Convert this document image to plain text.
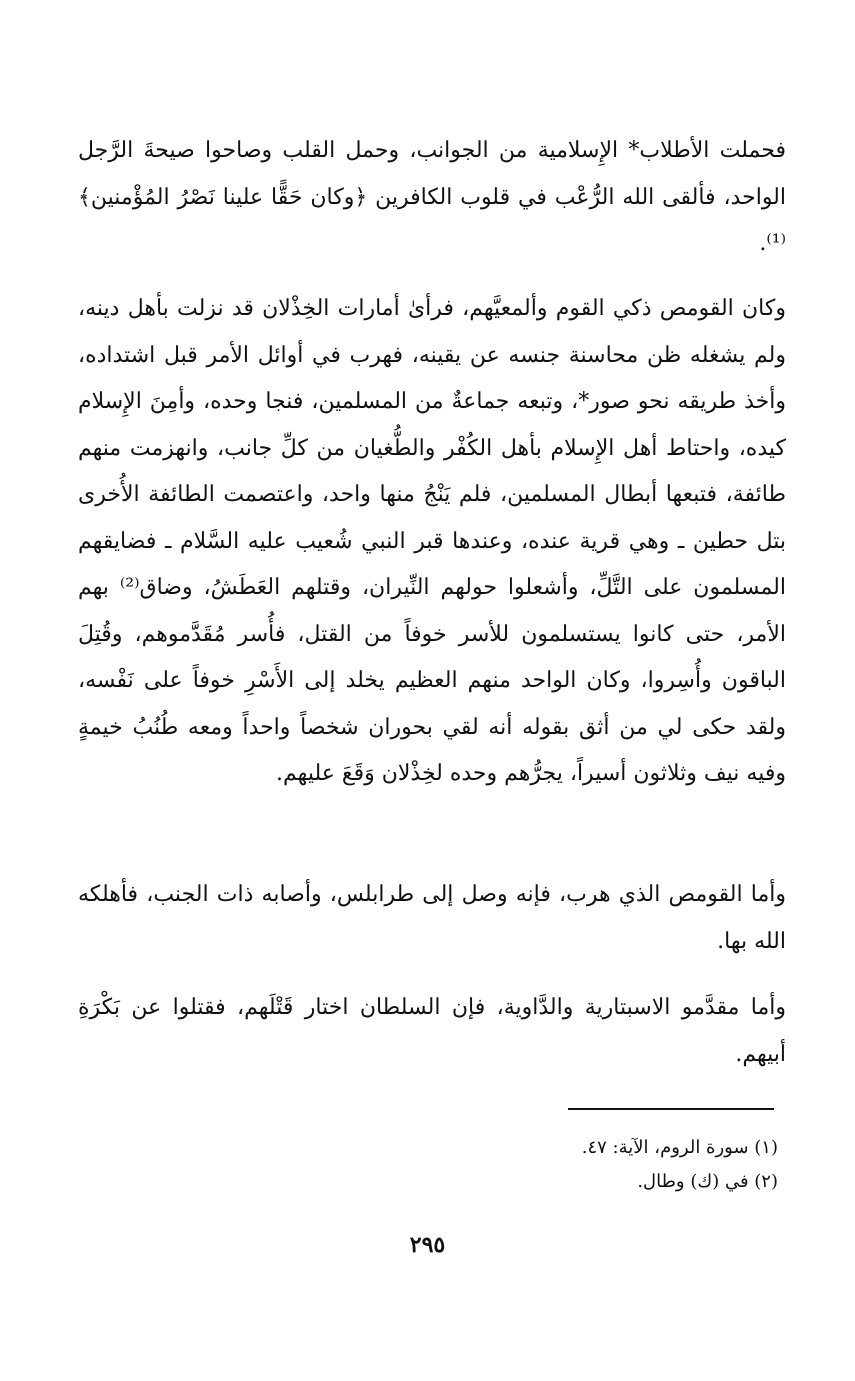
فحملت الأطلاب* الإِسلامية من الجوانب، وحمل القلب وصاحوا صيحةَ الرَّجل الواحد، فألقى الله الرُّعْب في قلوب الكافرين ﴿وكان حَقًّا علينا نَصْرُ المُؤْمنين﴾⁽¹⁾.

وكان القومص ذكي القوم وألمعيَّهم، فرأىٰ أمارات الخِذْلان قد نزلت بأهل دينه، ولم يشغله ظن محاسنة جنسه عن يقينه، فهرب في أوائل الأمر قبل اشتداده، وأخذ طريقه نحو صور*، وتبعه جماعةٌ من المسلمين، فنجا وحده، وأمِنَ الإِسلام كيده، واحتاط أهل الإِسلام بأهل الكُفْر والطُّغيان من كلِّ جانب، وانهزمت منهم طائفة، فتبعها أبطال المسلمين، فلم يَنْجُ منها واحد، واعتصمت الطائفة الأُخرى بتل حطين ـ وهي قرية عنده، وعندها قبر النبي شُعيب عليه السَّلام ـ فضايقهم المسلمون على التَّلِّ، وأشعلوا حولهم النِّيران، وقتلهم العَطَشُ، وضاق⁽²⁾ بهم الأمر، حتى كانوا يستسلمون للأسر خوفاً من القتل، فأُسر مُقَدَّموهم، وقُتِلَ الباقون وأُسِروا، وكان الواحد منهم العظيم يخلد إلى الأَسْرِ خوفاً على نَفْسه، ولقد حكى لي من أثق بقوله أنه لقي بحوران شخصاً واحداً ومعه طُنُبُ خيمةٍ وفيه نيف وثلاثون أسيراً، يجرُّهم وحده لخِذْلان وَقَعَ عليهم.

وأما القومص الذي هرب، فإنه وصل إلى طرابلس، وأصابه ذات الجنب، فأهلكه الله بها.

وأما مقدَّمو الاسبتارية والدَّاوية، فإن السلطان اختار قَتْلَهم، فقتلوا عن بَكْرَةِ أبيهم.

(١) سورة الروم، الآية: ٤٧.

(٢) في (ك) وطال.

٢٩٥
